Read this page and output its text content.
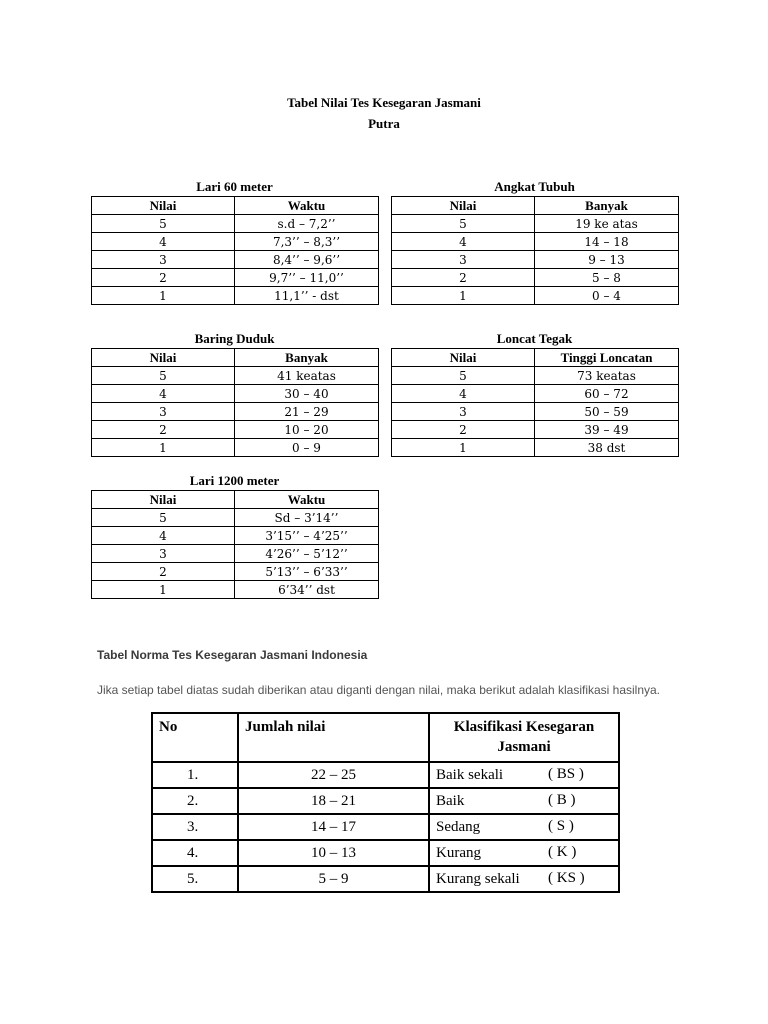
Tabel Nilai Tes Kesegaran Jasmani
Putra
Lari 60 meter
Nilai	Waktu
5	s.d – 7,2’’
4	7,3’’ – 8,3’’
3	8,4’’ – 9,6’’
2	9,7’’ – 11,0’’
1	11,1’’ - dst
Angkat Tubuh
Nilai	Banyak
5	19 ke atas
4	14 – 18
3	9 – 13
2	5 – 8
1	0 – 4
Baring Duduk
Nilai	Banyak
5	41 keatas
4	30 – 40
3	21 – 29
2	10 – 20
1	0 – 9
Loncat Tegak
Nilai	Tinggi Loncatan
5	73 keatas
4	60 – 72
3	50 – 59
2	39 – 49
1	38 dst
Lari 1200 meter
Nilai	Waktu
5	Sd – 3’14’’
4	3’15’’ – 4’25’’
3	4’26’’ – 5’12’’
2	5’13’’ – 6’33’’
1	6’34’’ dst
Tabel Norma Tes Kesegaran Jasmani Indonesia
Jika setiap tabel diatas sudah diberikan atau diganti dengan nilai, maka berikut adalah klasifikasi hasilnya.
No	Jumlah nilai	Klasifikasi Kesegaran Jasmani
1.	22 – 25	Baik sekali ( BS )

2.	18 – 21	Baik ( B )

3.	14 – 17	Sedang ( S )

4.	10 – 13	Kurang ( K )

5.	5 – 9	Kurang sekali ( KS )
